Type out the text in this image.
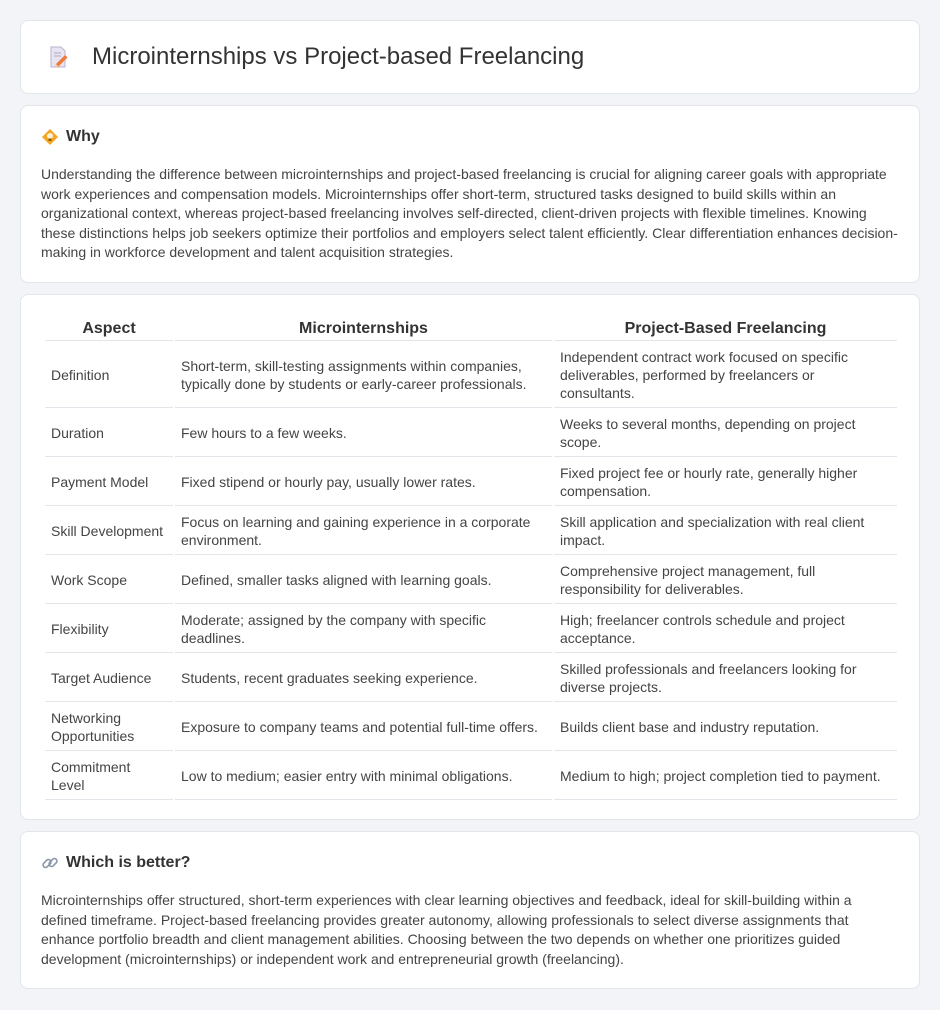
Microinternships vs Project-based Freelancing
Why

Understanding the difference between microinternships and project-based freelancing is crucial for aligning career goals with appropriate work experiences and compensation models. Microinternships offer short-term, structured tasks designed to build skills within an organizational context, whereas project-based freelancing involves self-directed, client-driven projects with flexible timelines. Knowing these distinctions helps job seekers optimize their portfolios and employers select talent efficiently. Clear differentiation enhances decision-making in workforce development and talent acquisition strategies.

Aspect	Microinternships	Project-Based Freelancing
Definition	Short-term, skill-testing assignments within companies, typically done by students or early-career professionals.	Independent contract work focused on specific deliverables, performed by freelancers or consultants.
Duration	Few hours to a few weeks.	Weeks to several months, depending on project scope.
Payment Model	Fixed stipend or hourly pay, usually lower rates.	Fixed project fee or hourly rate, generally higher compensation.
Skill Development	Focus on learning and gaining experience in a corporate environment.	Skill application and specialization with real client impact.
Work Scope	Defined, smaller tasks aligned with learning goals.	Comprehensive project management, full responsibility for deliverables.
Flexibility	Moderate; assigned by the company with specific deadlines.	High; freelancer controls schedule and project acceptance.
Target Audience	Students, recent graduates seeking experience.	Skilled professionals and freelancers looking for diverse projects.
Networking Opportunities	Exposure to company teams and potential full-time offers.	Builds client base and industry reputation.
Commitment Level	Low to medium; easier entry with minimal obligations.	Medium to high; project completion tied to payment.
Which is better?

Microinternships offer structured, short-term experiences with clear learning objectives and feedback, ideal for skill-building within a defined timeframe. Project-based freelancing provides greater autonomy, allowing professionals to select diverse assignments that enhance portfolio breadth and client management abilities. Choosing between the two depends on whether one prioritizes guided development (microinternships) or independent work and entrepreneurial growth (freelancing).
